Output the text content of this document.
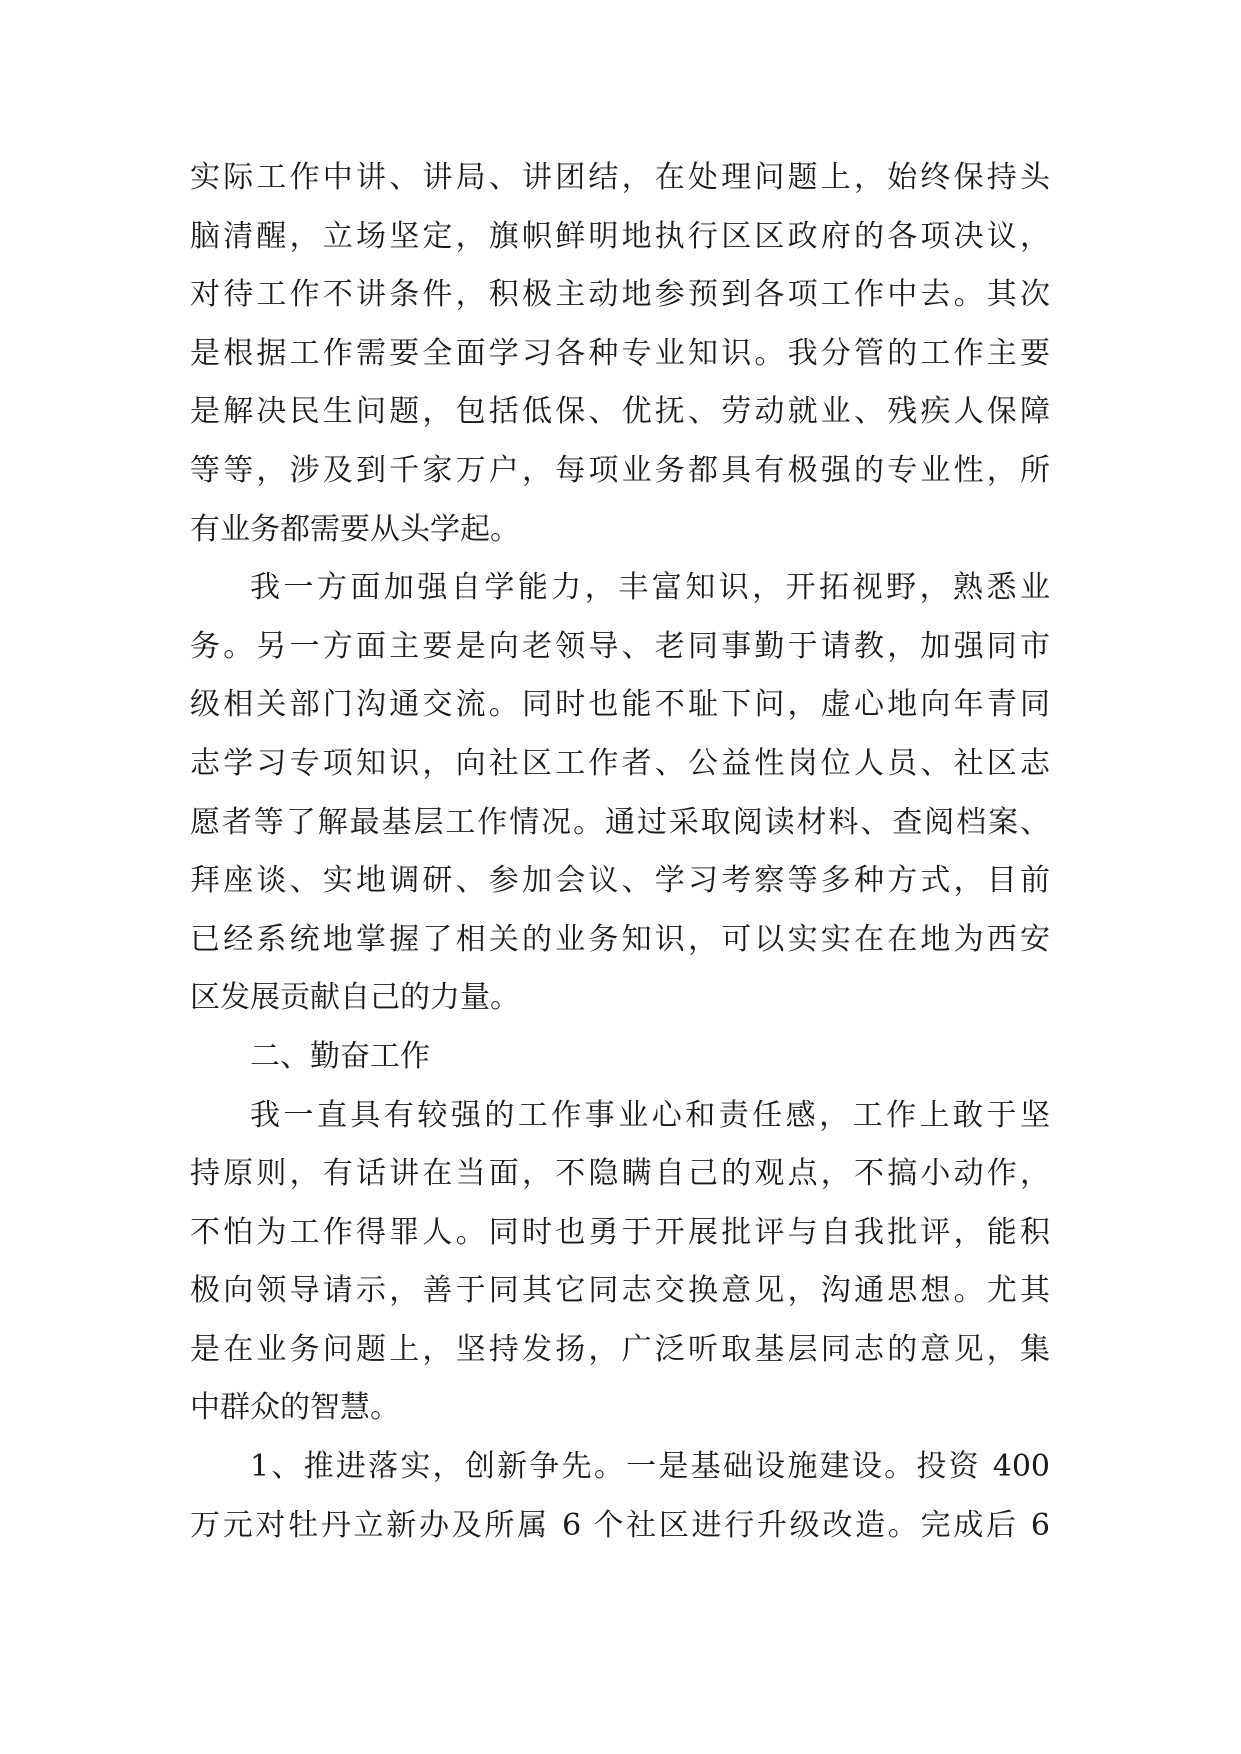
实际工作中讲、讲局、讲团结，在处理问题上，始终保持头
脑清醒，立场坚定，旗帜鲜明地执行区区政府的各项决议，
对待工作不讲条件，积极主动地参预到各项工作中去。其次
是根据工作需要全面学习各种专业知识。我分管的工作主要
是解决民生问题，包括低保、优抚、劳动就业、残疾人保障
等等，涉及到千家万户，每项业务都具有极强的专业性，所
有业务都需要从头学起。
我一方面加强自学能力，丰富知识，开拓视野，熟悉业
务。另一方面主要是向老领导、老同事勤于请教，加强同市
级相关部门沟通交流。同时也能不耻下问，虚心地向年青同
志学习专项知识，向社区工作者、公益性岗位人员、社区志
愿者等了解最基层工作情况。通过采取阅读材料、查阅档案、
拜座谈、实地调研、参加会议、学习考察等多种方式，目前
已经系统地掌握了相关的业务知识，可以实实在在地为西安
区发展贡献自己的力量。
二、勤奋工作
我一直具有较强的工作事业心和责任感，工作上敢于坚
持原则，有话讲在当面，不隐瞒自己的观点，不搞小动作，
不怕为工作得罪人。同时也勇于开展批评与自我批评，能积
极向领导请示，善于同其它同志交换意见，沟通思想。尤其
是在业务问题上，坚持发扬，广泛听取基层同志的意见，集
中群众的智慧。
1、推进落实，创新争先。一是基础设施建设。投资 400
万元对牡丹立新办及所属 6 个社区进行升级改造。完成后 6
